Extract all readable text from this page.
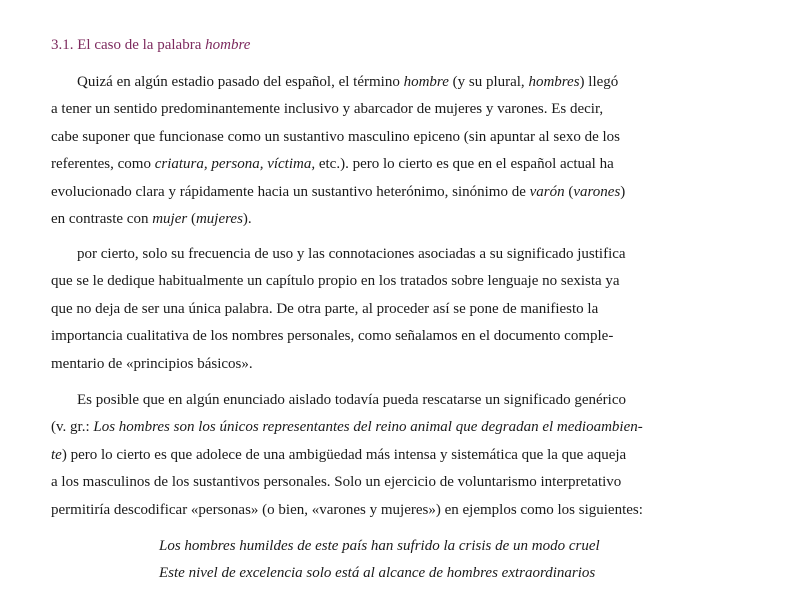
3.1. El caso de la palabra hombre
Quizá en algún estadio pasado del español, el término hombre (y su plural, hombres) llegó
a tener un sentido predominantemente inclusivo y abarcador de mujeres y varones. Es decir,
cabe suponer que funcionase como un sustantivo masculino epiceno (sin apuntar al sexo de los
referentes, como criatura, persona, víctima, etc.). pero lo cierto es que en el español actual ha
evolucionado clara y rápidamente hacia un sustantivo heterónimo, sinónimo de varón (varones)
en contraste con mujer (mujeres).
por cierto, solo su frecuencia de uso y las connotaciones asociadas a su significado justifica
que se le dedique habitualmente un capítulo propio en los tratados sobre lenguaje no sexista ya
que no deja de ser una única palabra. De otra parte, al proceder así se pone de manifiesto la
importancia cualitativa de los nombres personales, como señalamos en el documento comple-
mentario de «principios básicos».
Es posible que en algún enunciado aislado todavía pueda rescatarse un significado genérico
(v. gr.: Los hombres son los únicos representantes del reino animal que degradan el medioambien-
te) pero lo cierto es que adolece de una ambigüedad más intensa y sistemática que la que aqueja
a los masculinos de los sustantivos personales. Solo un ejercicio de voluntarismo interpretativo
permitiría descodificar «personas» (o bien, «varones y mujeres») en ejemplos como los siguientes:
Los hombres humildes de este país han sufrido la crisis de un modo cruel
Este nivel de excelencia solo está al alcance de hombres extraordinarios
